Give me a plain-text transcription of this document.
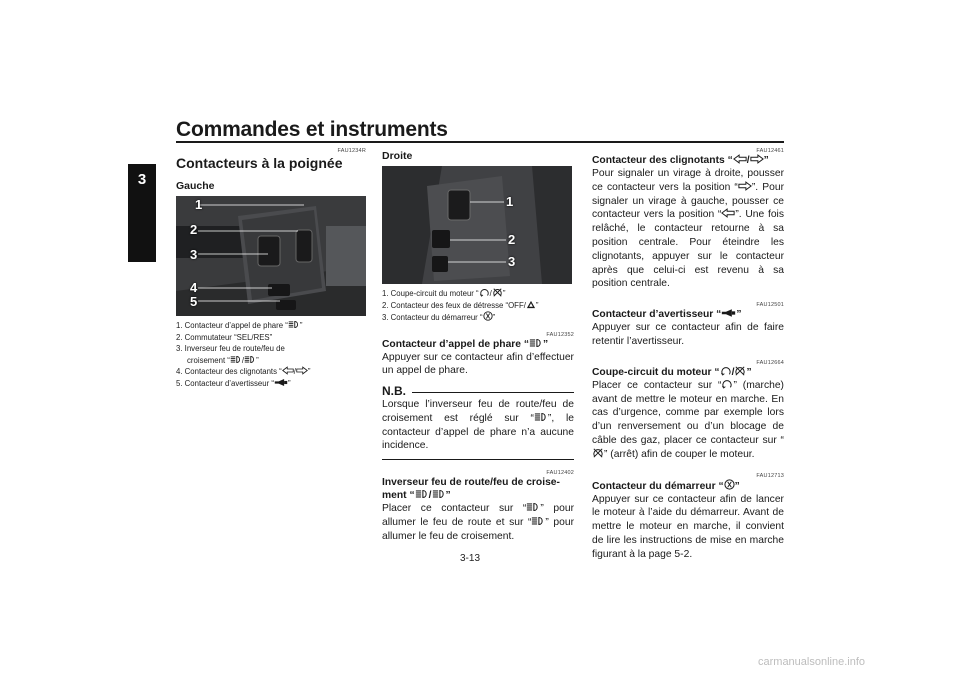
Commandes et instruments
3
FAU1234R
Contacteurs à la poignée
Gauche
1
2
3
4
5
1. Contacteur d’appel de phare “ ”
2. Commutateur “SEL/RES”
3. Inverseur feu de route/feu de
croisement “ / ”
4. Contacteur des clignotants “ / ”
5. Contacteur d’avertisseur “ ”
Droite
1
2
3
1. Coupe-circuit du moteur “ / ”
2. Contacteur des feux de détresse “OFF/ ”
3. Contacteur du démarreur “ ”
FAU12352
Contacteur d’appel de phare “ ”
Appuyer sur ce contacteur afin d’effectuer un appel de phare.
N.B.
Lorsque l’inverseur feu de route/feu de croisement est réglé sur “ ”, le contacteur d’appel de phare n’a aucune incidence.
FAU12402
Inverseur feu de route/feu de croise-
ment “ / ”
Placer ce contacteur sur “ ” pour allumer le feu de route et sur “ ” pour allumer le feu de croisement.
FAU12461
Contacteur des clignotants “ / ”
Pour signaler un virage à droite, pousser ce contacteur vers la position “ ”. Pour signaler un virage à gauche, pousser ce contacteur vers la position “ ”. Une fois relâché, le contacteur retourne à sa position centrale. Pour éteindre les clignotants, appuyer sur le contacteur après que celui-ci est revenu à sa position centrale.
FAU12501
Contacteur d’avertisseur “ ”
Appuyer sur ce contacteur afin de faire retentir l’avertisseur.
FAU12664
Coupe-circuit du moteur “ / ”
Placer ce contacteur sur “ ” (marche) avant de mettre le moteur en marche. En cas d’urgence, comme par exemple lors d’un renversement ou d’un blocage de câble des gaz, placer ce contacteur sur “” (arrêt) afin de couper le moteur.
FAU12713
Contacteur du démarreur “ ”
Appuyer sur ce contacteur afin de lancer le moteur à l’aide du démarreur. Avant de mettre le moteur en marche, il convient de lire les instructions de mise en marche figurant à la page 5-2.
3-13
carmanualsonline.info
